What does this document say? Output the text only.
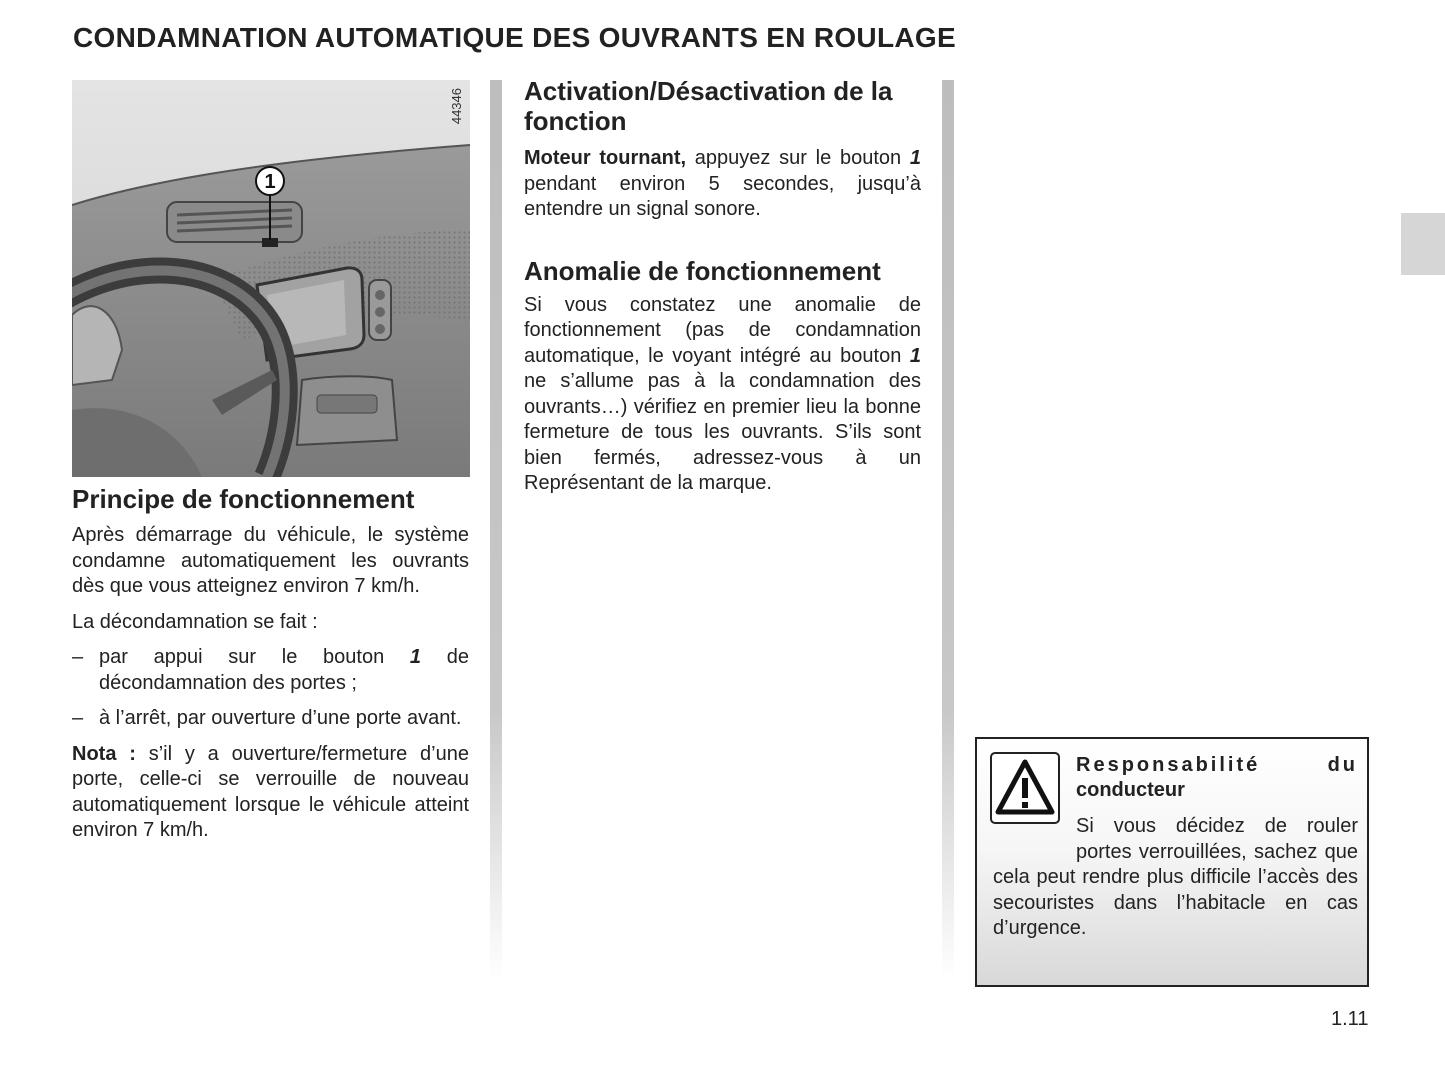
CONDAMNATION AUTOMATIQUE DES OUVRANTS EN ROULAGE
1
44346
Principe de fonctionnement

Après démarrage du véhicule, le système condamne automatiquement les ouvrants dès que vous atteignez environ 7 km/h.

La décondamnation se fait :

– par appui sur le bouton 1 de décondamnation des portes ;
– à l’arrêt, par ouverture d’une porte avant.

Nota : s’il y a ouverture/fermeture d’une porte, celle-ci se verrouille de nouveau automatiquement lorsque le véhicule atteint environ 7 km/h.

Activation/Désactivation de la fonction

Moteur tournant, appuyez sur le bouton 1 pendant environ 5 secondes, jusqu’à entendre un signal sonore.

Anomalie de fonctionnement

Si vous constatez une anomalie de fonctionnement (pas de condamnation automatique, le voyant intégré au bouton 1 ne s’allume pas à la condamnation des ouvrants…) vérifiez en premier lieu la bonne fermeture de tous les ouvrants. S’ils sont bien fermés, adressez-vous à un Représentant de la marque.

Responsabilité	du
conducteur
Si vous décidez de rouler portes verrouillées, sachez que cela peut rendre plus difficile l’accès des secouristes dans l’habitacle en cas d’urgence.
1.11
